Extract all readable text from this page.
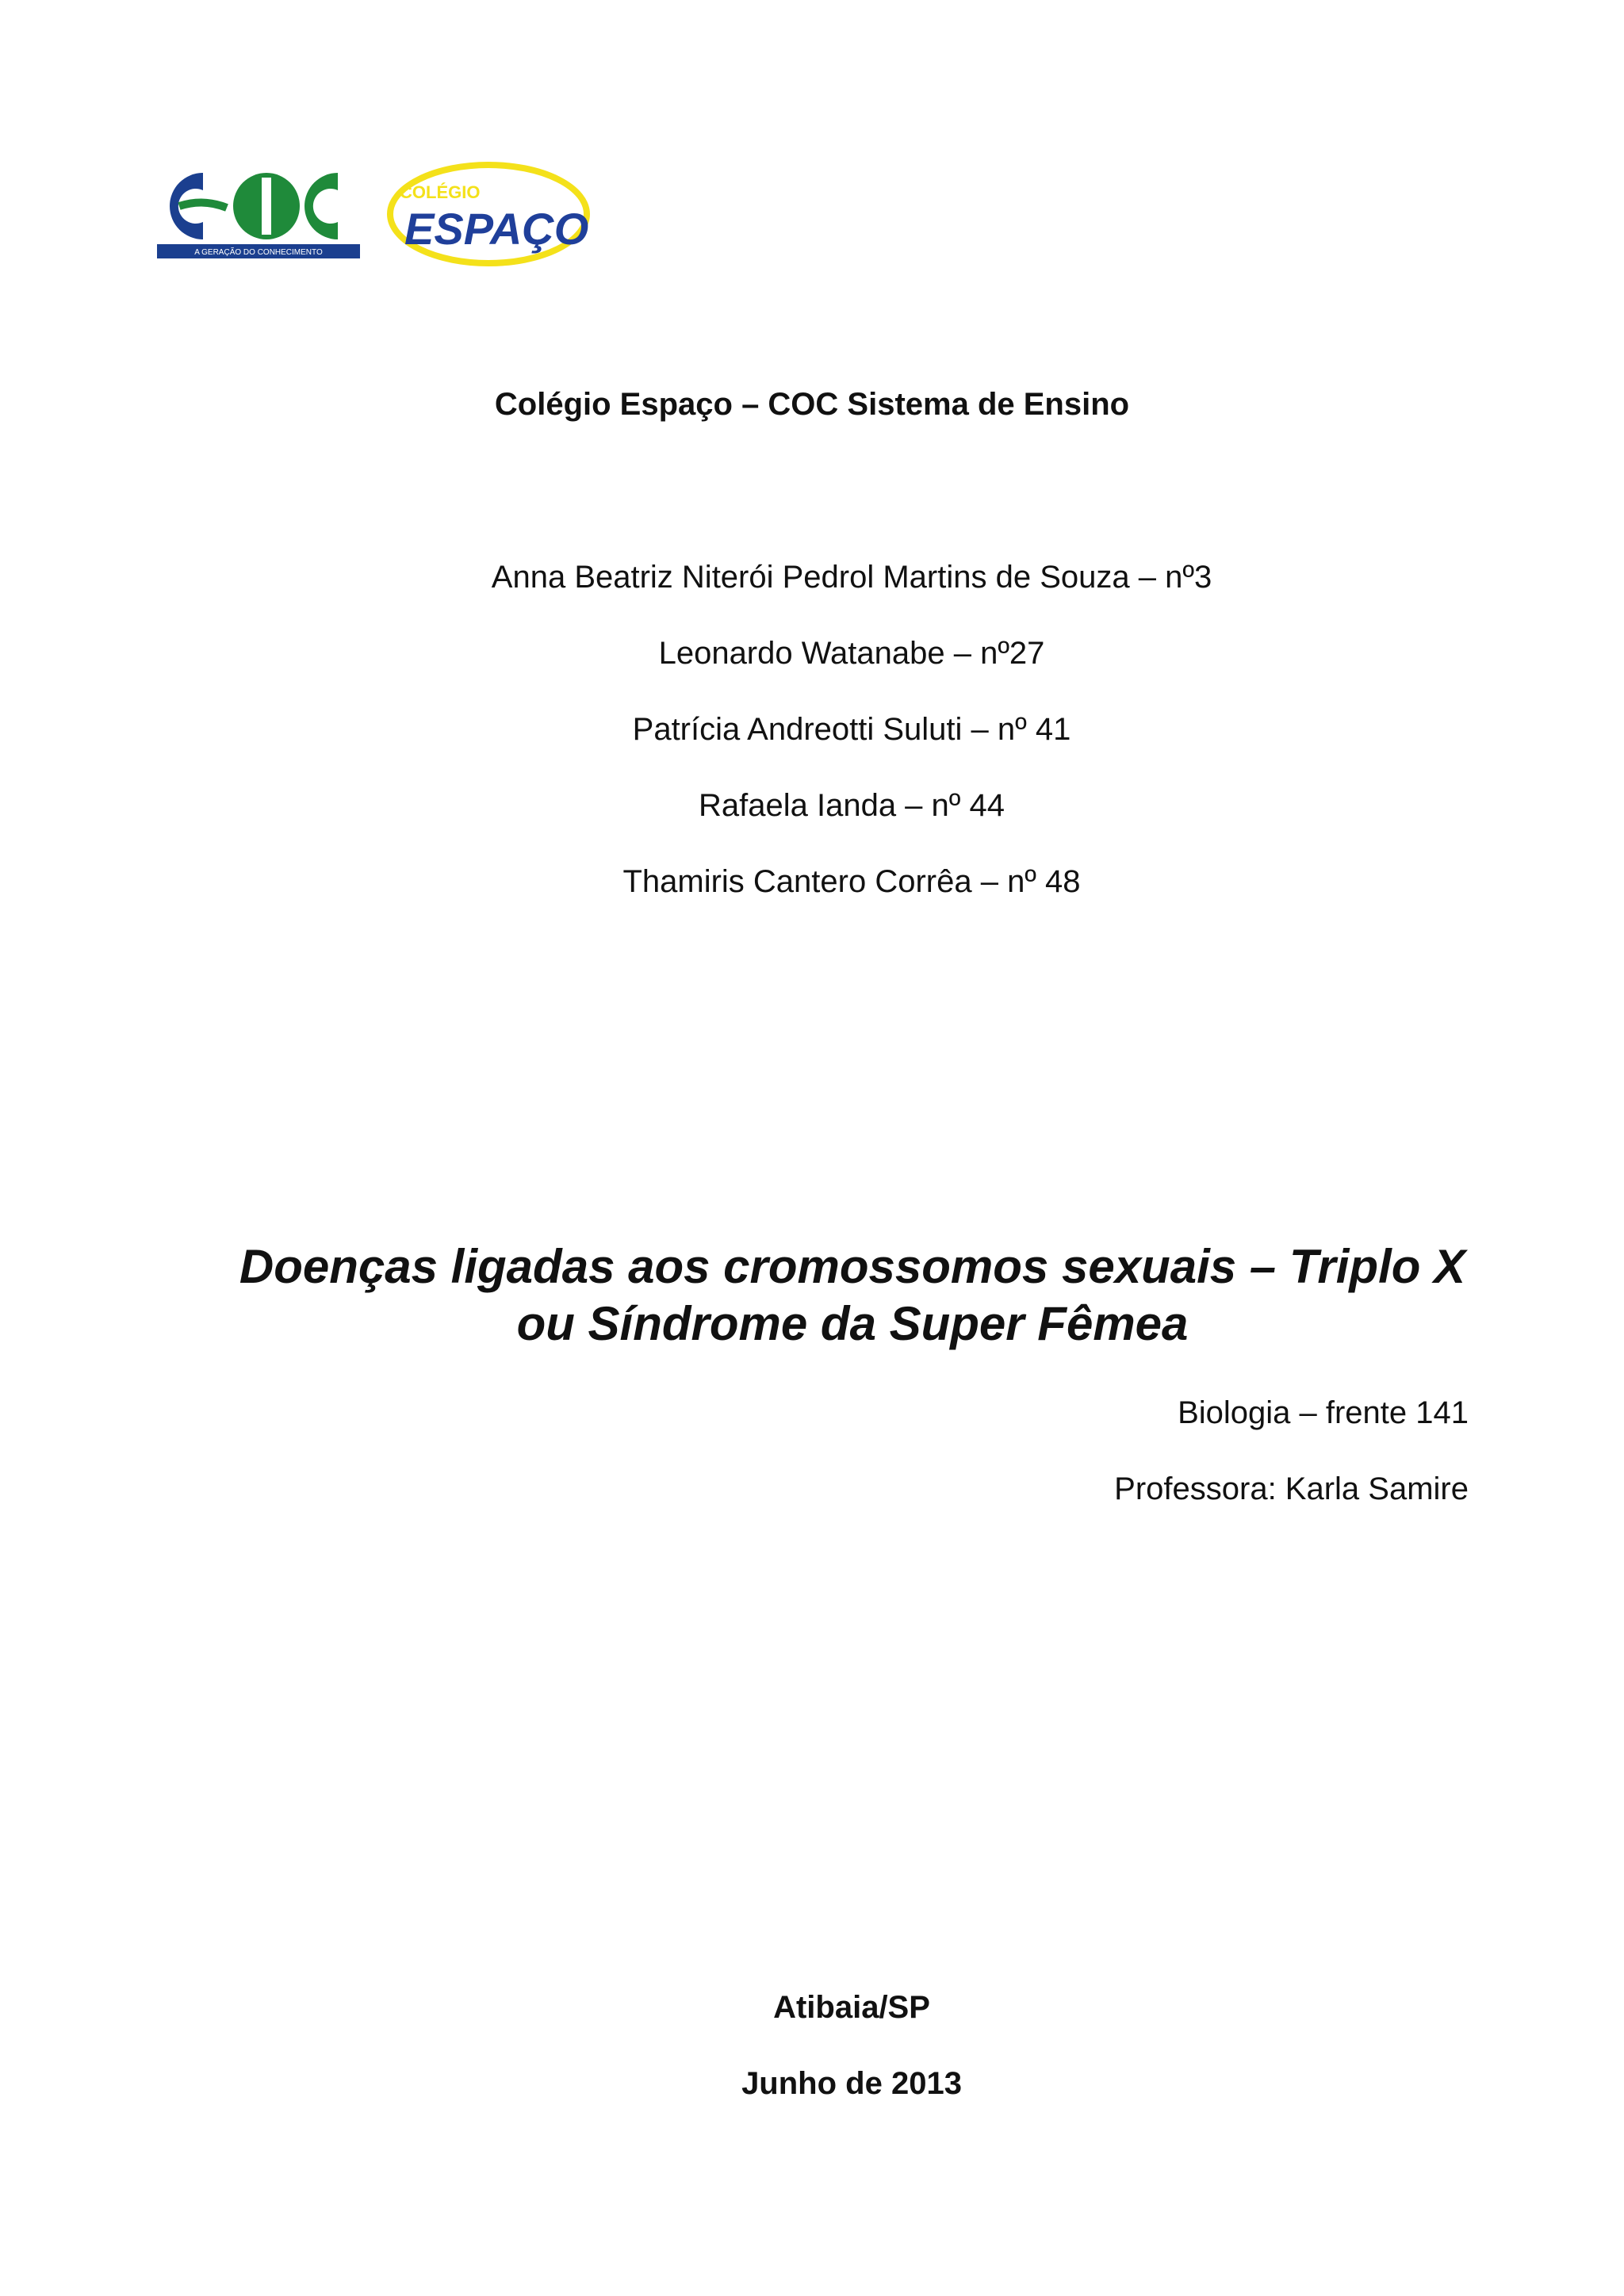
A GERAÇÃO DO CONHECIMENTO
COLÉGIO
ESPAÇO
Colégio Espaço – COC Sistema de Ensino
Anna Beatriz Niterói Pedrol Martins de Souza – nº3
Leonardo Watanabe – nº27
Patrícia Andreotti Suluti – nº 41
Rafaela Ianda – nº 44
Thamiris Cantero Corrêa – nº 48
Doenças ligadas aos cromossomos sexuais – Triplo X ou Síndrome da Super Fêmea
Biologia – frente 141
Professora: Karla Samire
Atibaia/SP
Junho de 2013
